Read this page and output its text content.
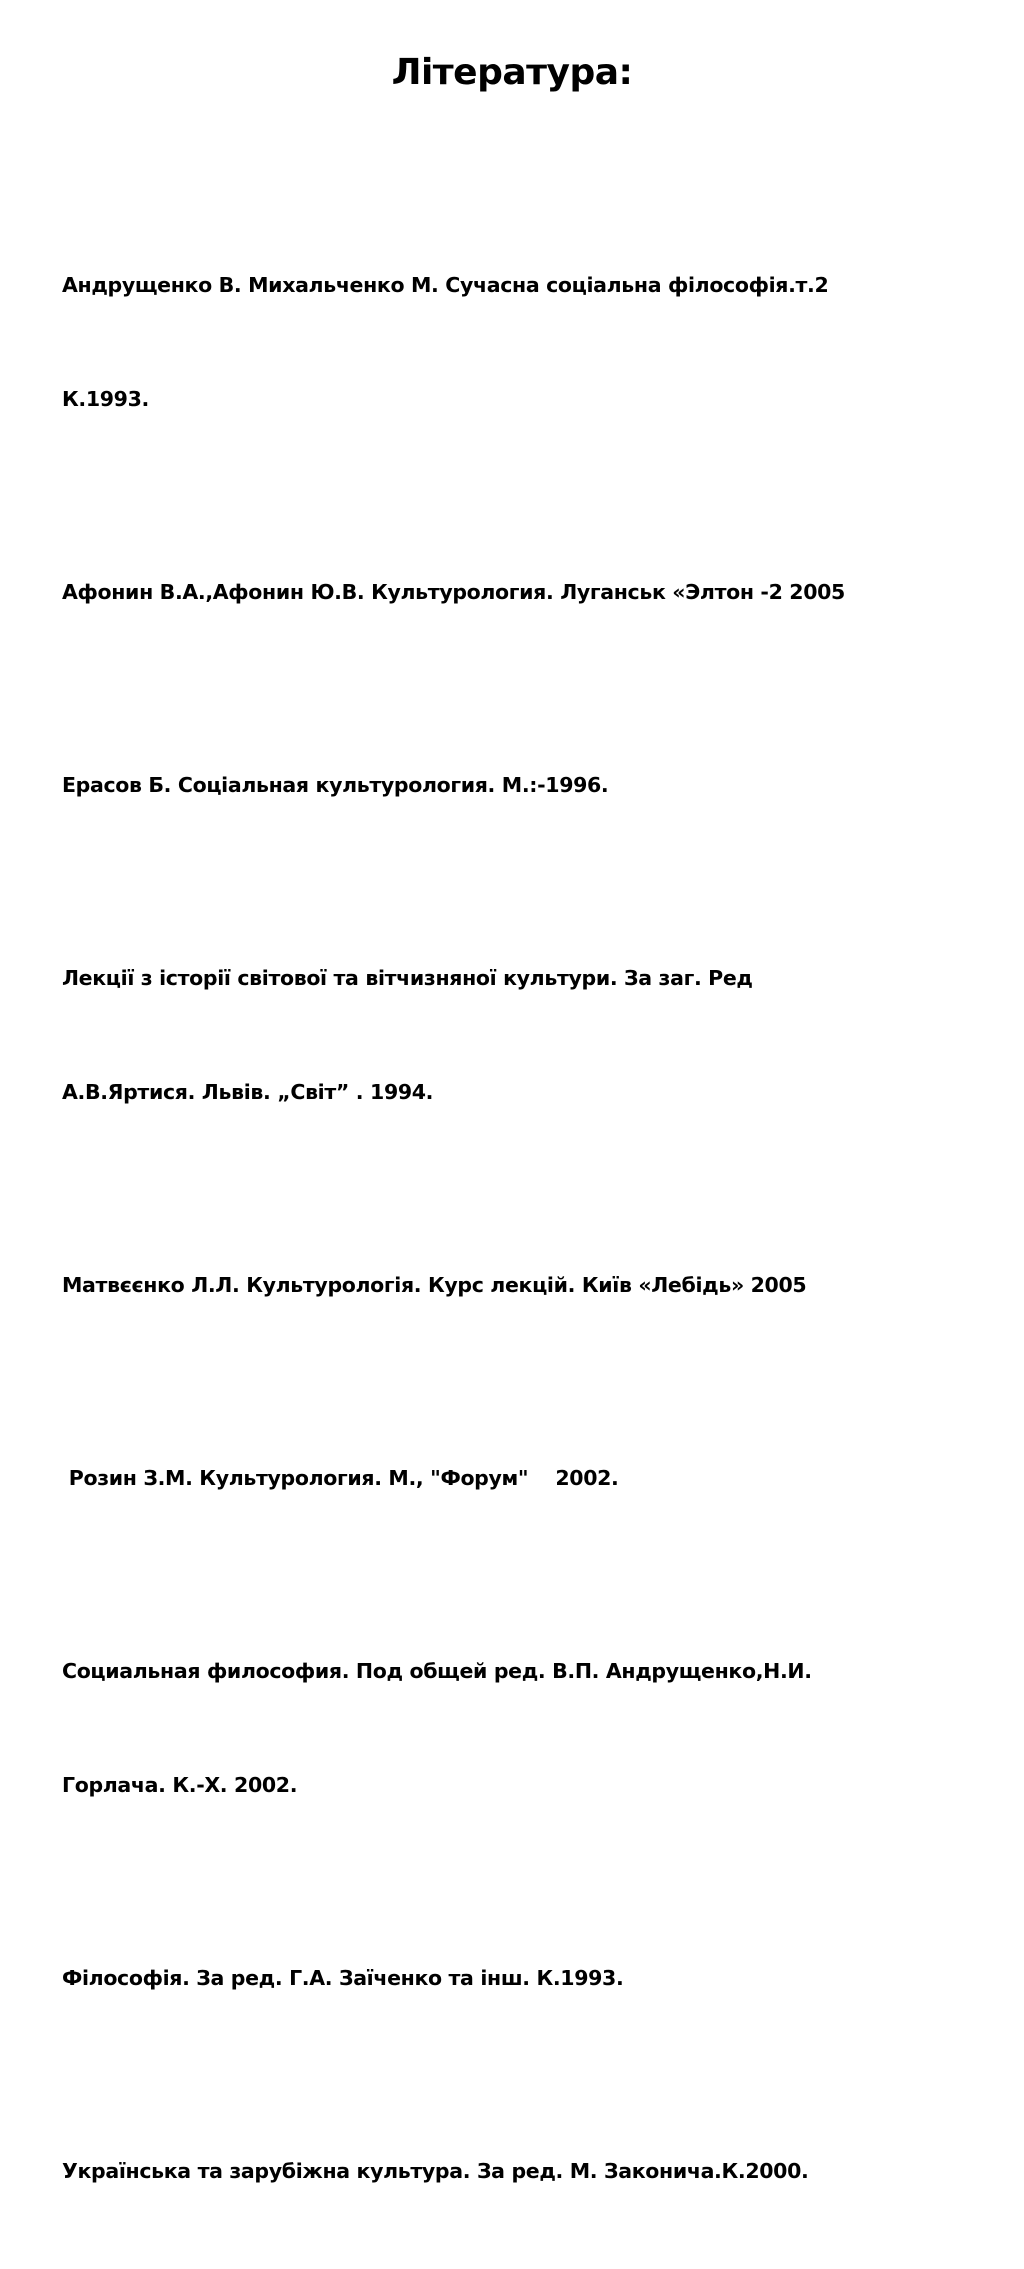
Література:

Андрущенко В. Михальченко М. Сучасна соціальна філософія.т.2

К.1993.

Афонин В.А.,Афонин Ю.В. Культурология. Луганськ «Элтон -2 2005

Ерасов Б. Соціальная культурология. М.:-1996.

Лекції з історії світової та вітчизняної культури. За заг. Ред

А.В.Яртися. Львів. „Світ” . 1994.

Матвєєнко Л.Л. Культурологія. Курс лекцій. Київ «Лебідь» 2005

Розин З.М. Культурология. М., "Форум"    2002.

Социальная философия. Под общей ред. В.П. Андрущенко,Н.И.

Горлача. К.-Х. 2002.

Філософія. За ред. Г.А. Заїченко та інш. К.1993.

Українська та зарубіжна культура. За ред. М. Законичa.К.2000.
